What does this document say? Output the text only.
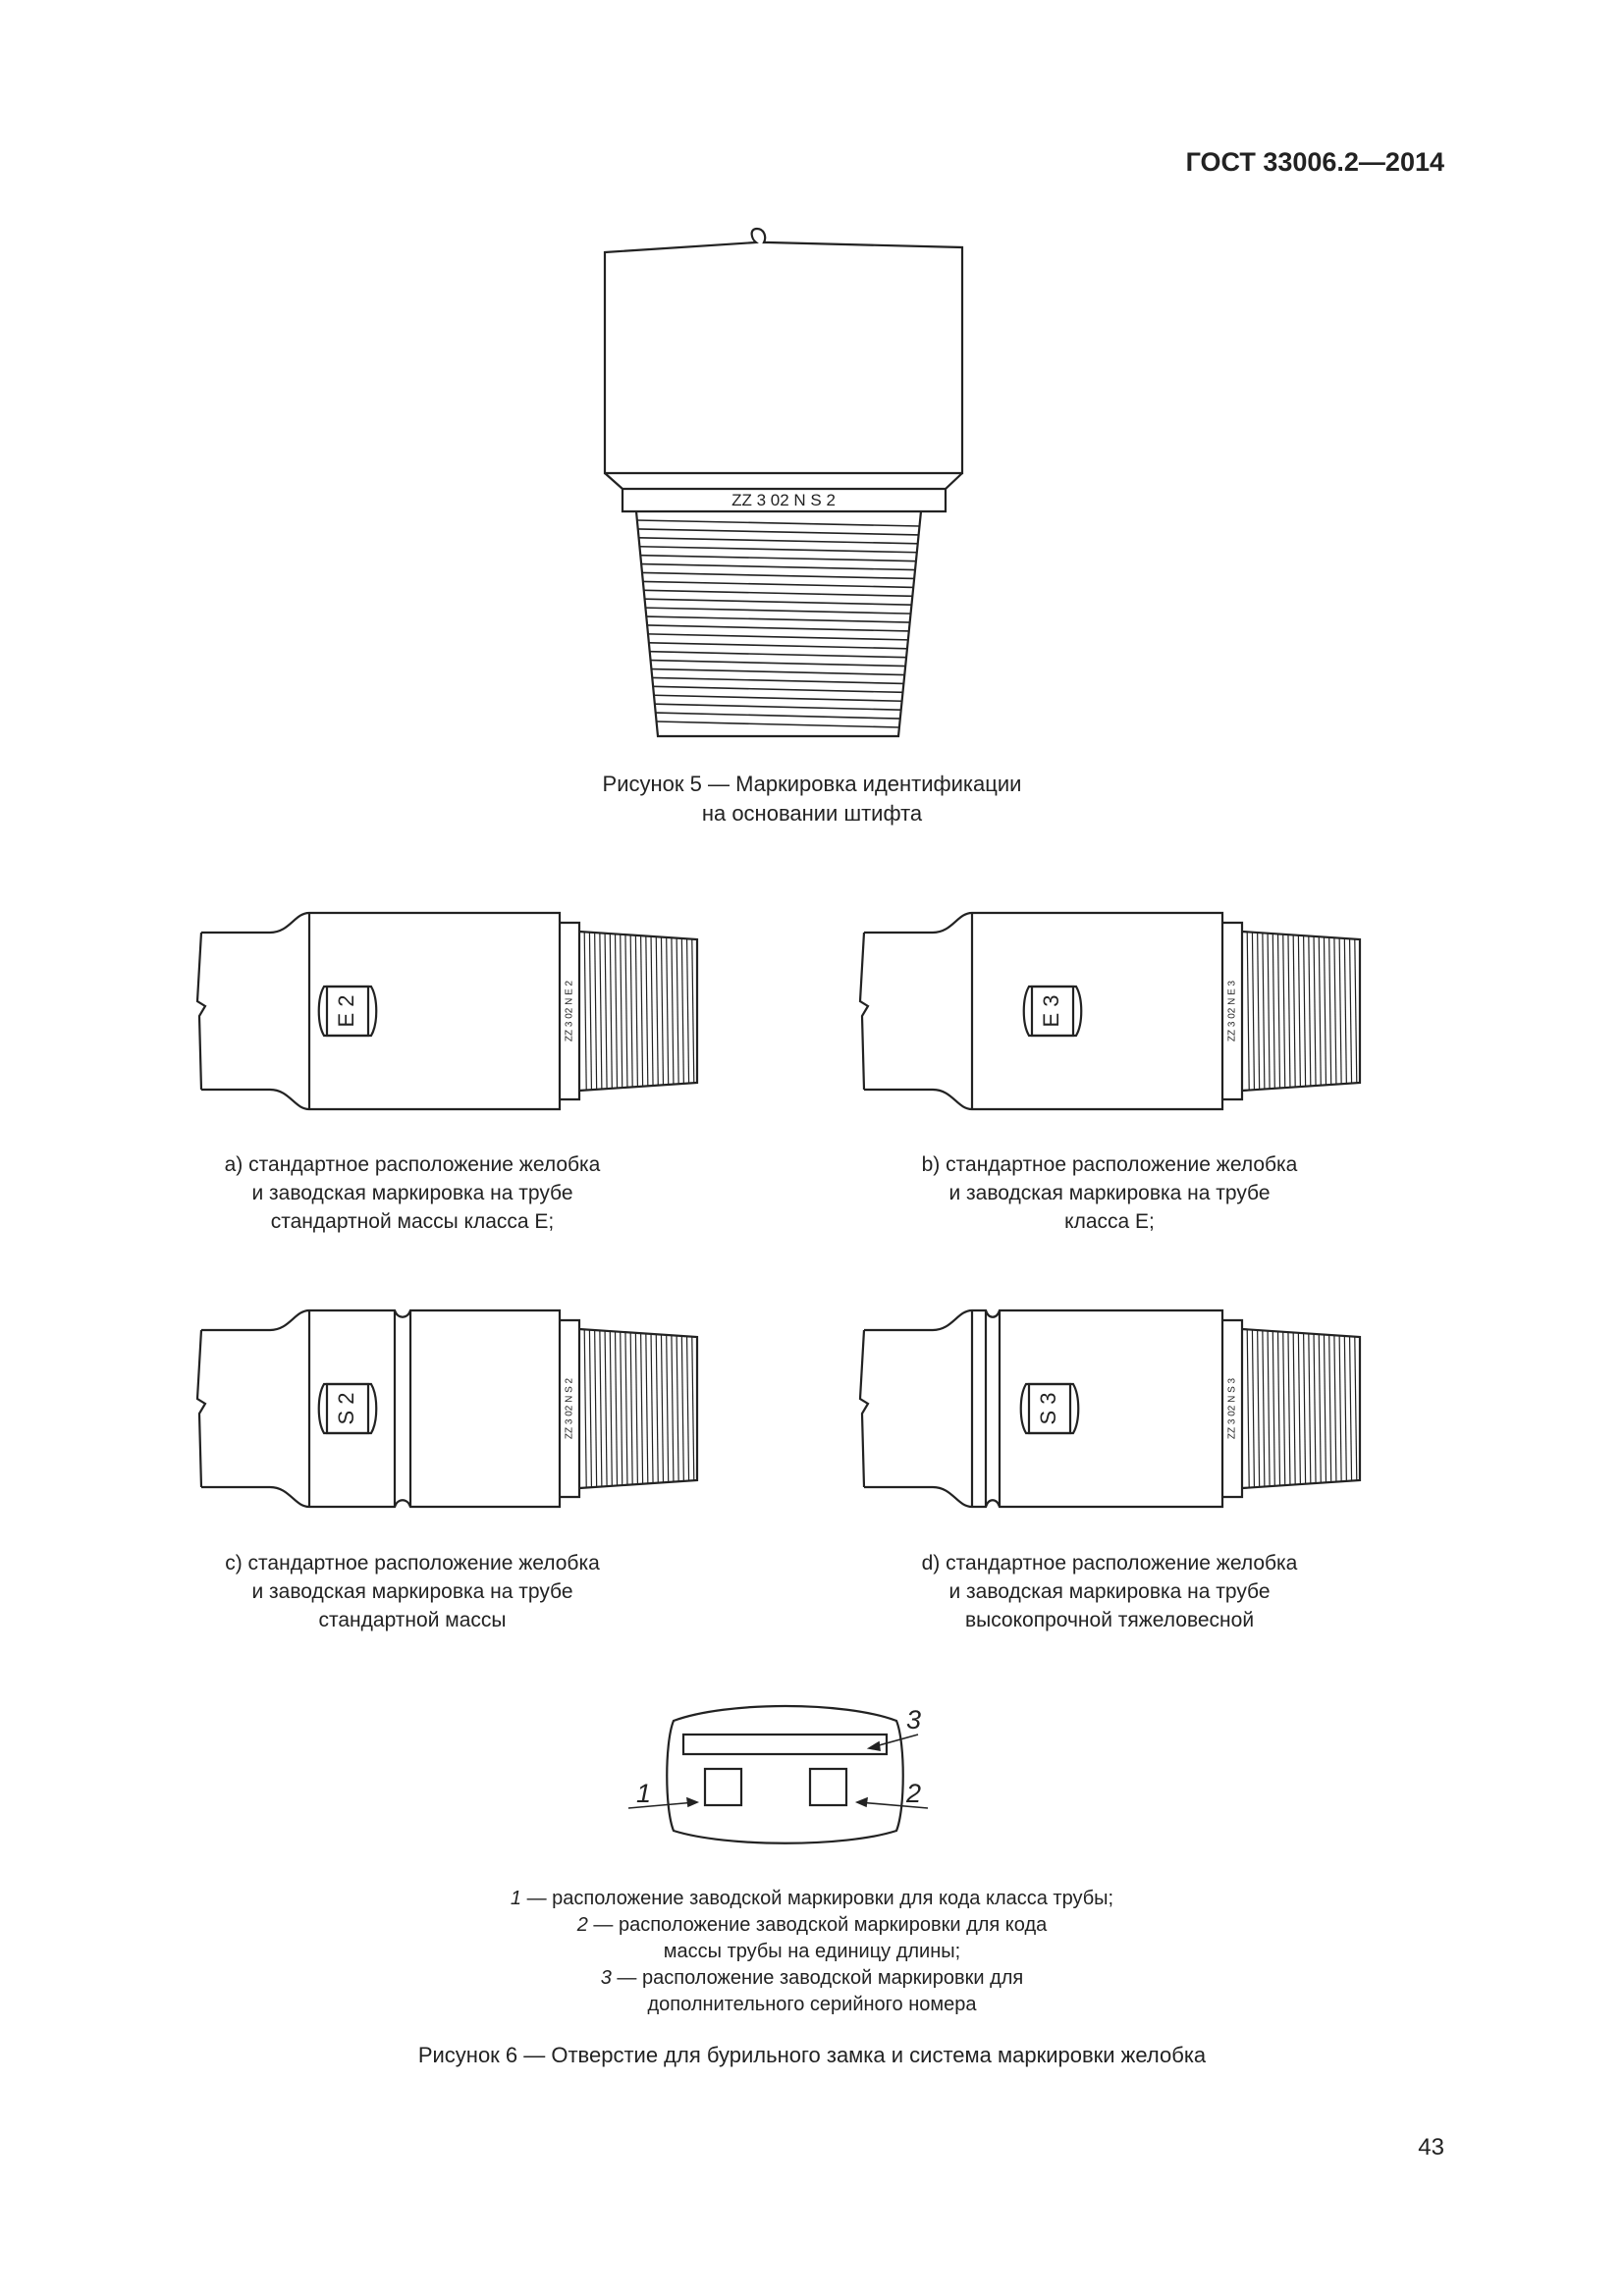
ГОСТ 33006.2—2014
ZZ 3 02 N S 2
Рисунок 5 — Маркировка идентификации
на основании штифта
E 2	ZZ 3 02 N E 2	E 3	ZZ 3 02 N E 3
S 2	ZZ 3 02 N S 2	S 3	ZZ 3 02 N S 3
a) стандартное расположение желобка
и заводская маркировка на трубе
стандартной массы класса E;
b) стандартное расположение желобка
и заводская маркировка на трубе
класса E;
c) стандартное расположение желобка
и заводская маркировка на трубе
стандартной массы
d) стандартное расположение желобка
и заводская маркировка на трубе
высокопрочной тяжеловесной
1	2
3
1 — расположение заводской маркировки для кода класса трубы;
2 — расположение заводской маркировки для кода
массы трубы на единицу длины;
3 — расположение заводской маркировки для
дополнительного серийного номера
Рисунок 6 — Отверстие для бурильного замка и система маркировки желобка
43
